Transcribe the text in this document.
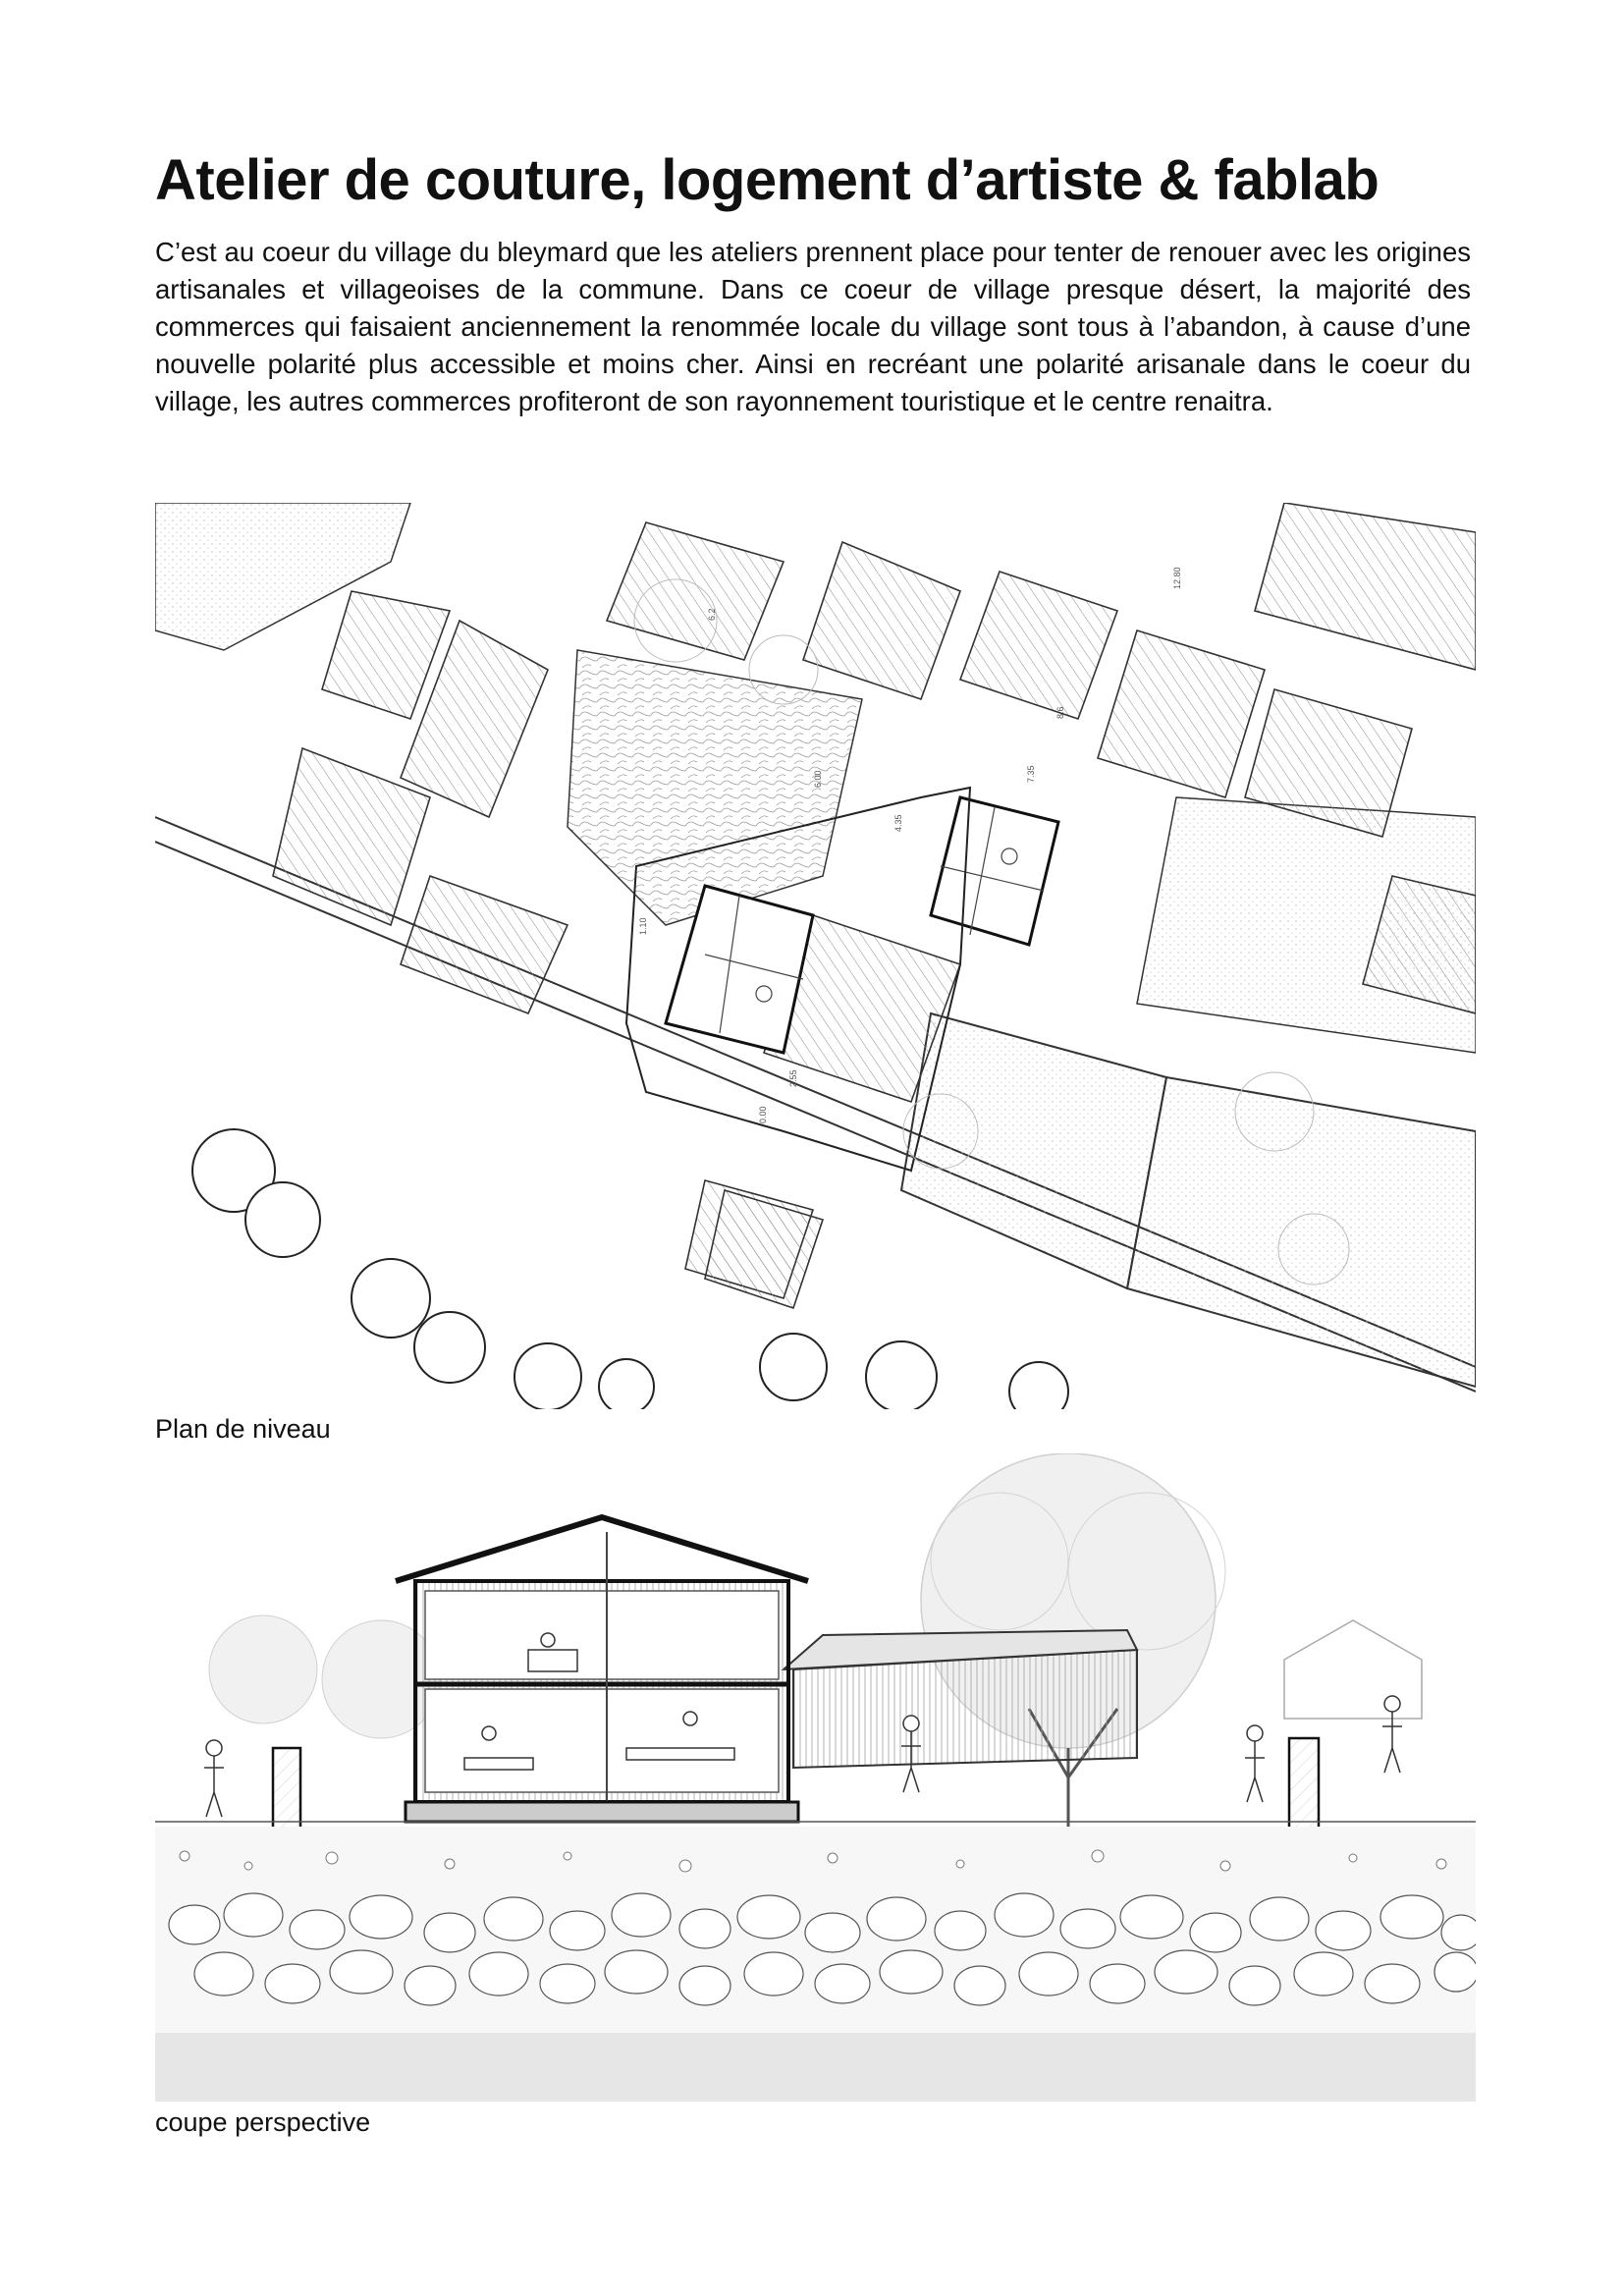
Atelier de couture, logement d’artiste & fablab

C’est au coeur du village du bleymard que les ateliers prennent place pour tenter de renouer avec les origines artisanales et villageoises de la commune. Dans ce coeur de village presque désert, la majorité des commerces qui faisaient anciennement la renommée locale du village sont tous à l’abandon, à cause d’une nouvelle polarité plus accessible et moins cher. Ainsi en recréant une polarité arisanale dans le coeur du village, les autres commerces profiteront de son rayonnement touristique et le centre renaitra.

12.80
6.2
6.00	7.35
8.6
4.35
1.10
2.55
0.00
Plan de niveau
coupe perspective
